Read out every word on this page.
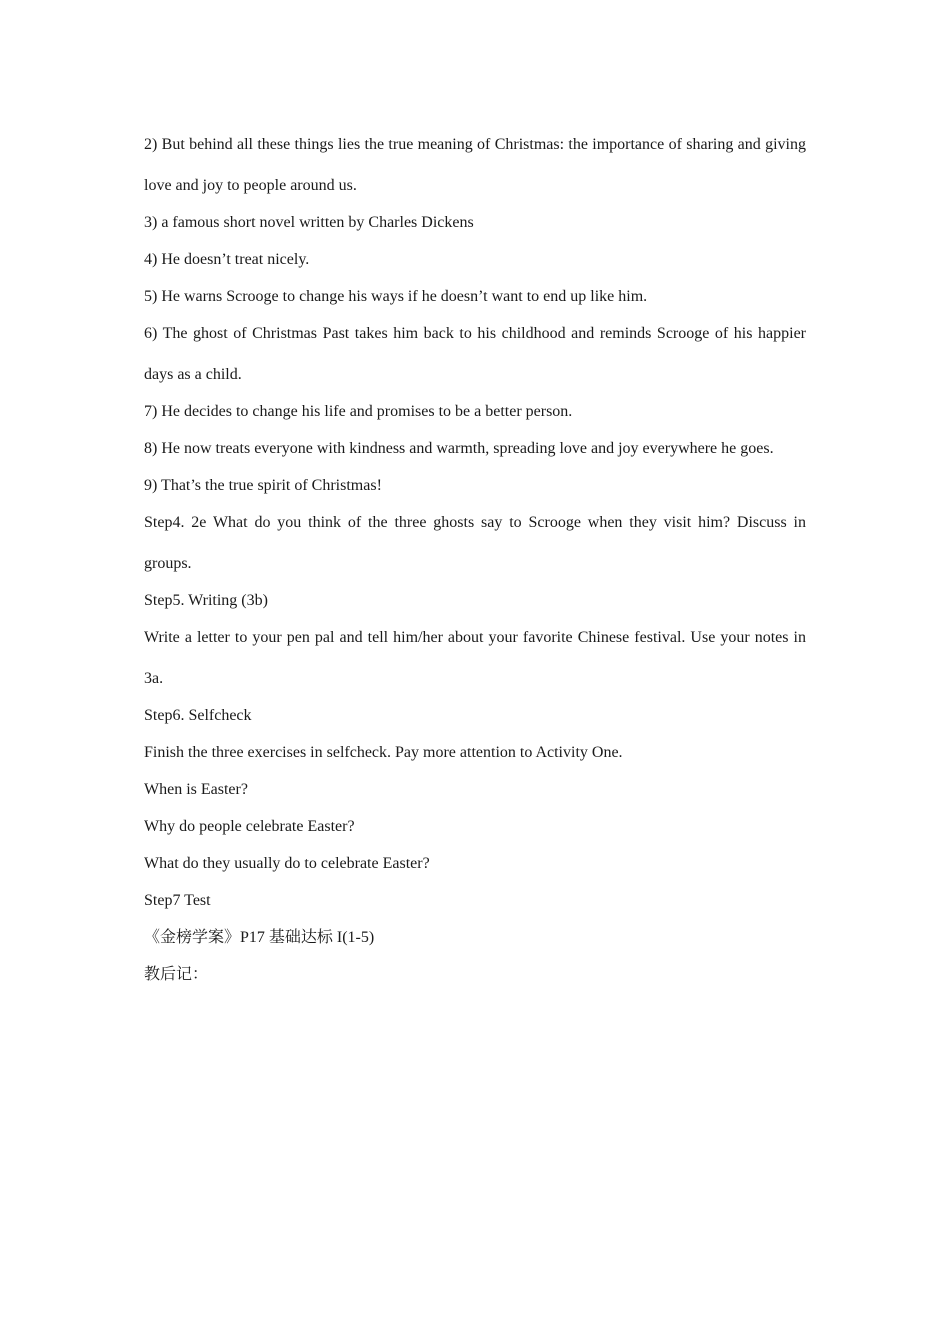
2) But behind all these things lies the true meaning of Christmas: the importance of sharing and giving love and joy to people around us.

3) a famous short novel written by Charles Dickens

4) He doesn’t treat nicely.

5) He warns Scrooge to change his ways if he doesn’t want to end up like him.

6) The ghost of Christmas Past takes him back to his childhood and reminds Scrooge of his happier days as a child.

7) He decides to change his life and promises to be a better person.

8) He now treats everyone with kindness and warmth, spreading love and joy everywhere he goes.

9) That’s the true spirit of Christmas!

Step4. 2e What do you think of the three ghosts say to Scrooge when they visit him? Discuss in groups.

Step5. Writing (3b)

Write a letter to your pen pal and tell him/her about your favorite Chinese festival. Use your notes in 3a.

Step6. Selfcheck

Finish the three exercises in selfcheck. Pay more attention to Activity One.

When is Easter?

Why do people celebrate Easter?

What do they usually do to celebrate Easter?

Step7 Test

《金榜学案》P17 基础达标 I(1-5)

教后记：
